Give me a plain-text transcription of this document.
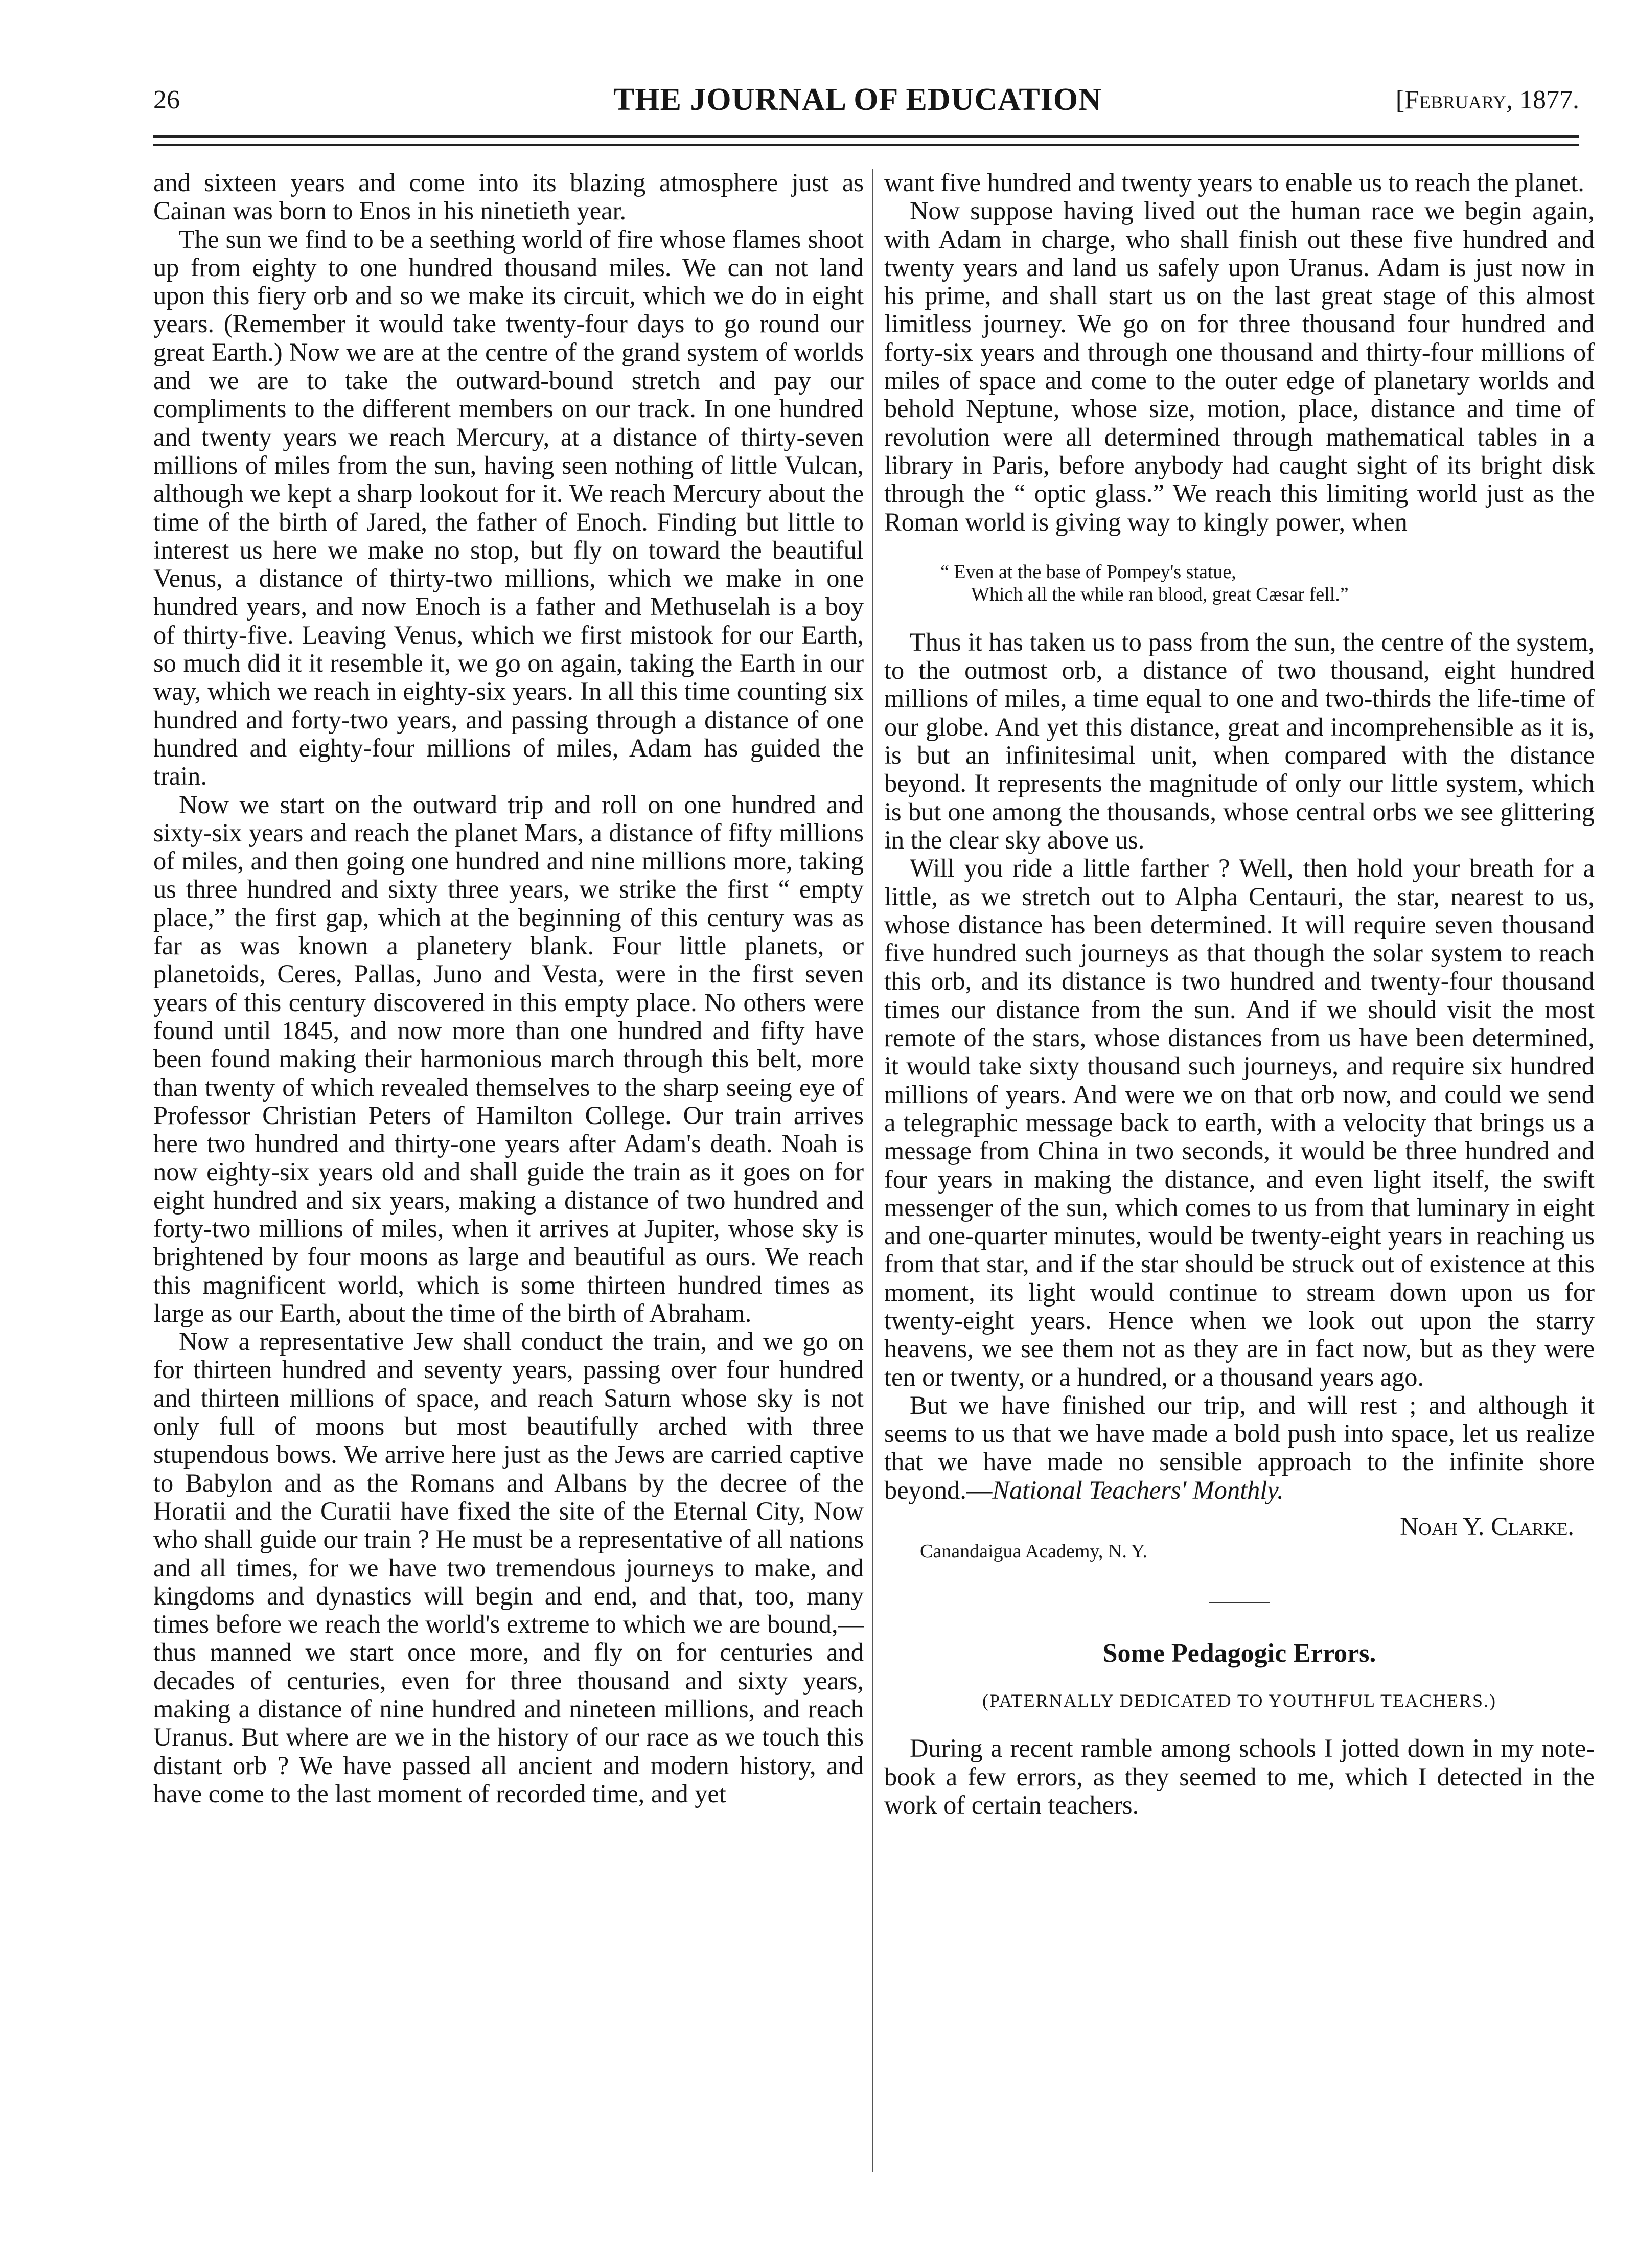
26	THE JOURNAL OF EDUCATION	[February, 1877.

and sixteen years and come into its blazing atmosphere just as Cainan was born to Enos in his ninetieth year.

The sun we find to be a seething world of fire whose flames shoot up from eighty to one hundred thousand miles. We can not land upon this fiery orb and so we make its circuit, which we do in eight years. (Remember it would take twenty-four days to go round our great Earth.) Now we are at the centre of the grand system of worlds and we are to take the outward-bound stretch and pay our compliments to the different members on our track. In one hundred and twenty years we reach Mercury, at a distance of thirty-seven millions of miles from the sun, having seen nothing of little Vulcan, although we kept a sharp lookout for it. We reach Mercury about the time of the birth of Jared, the father of Enoch. Finding but little to interest us here we make no stop, but fly on toward the beautiful Venus, a distance of thirty-two millions, which we make in one hundred years, and now Enoch is a father and Methuselah is a boy of thirty-five. Leaving Venus, which we first mistook for our Earth, so much did it it resemble it, we go on again, taking the Earth in our way, which we reach in eighty-six years. In all this time counting six hundred and forty-two years, and passing through a distance of one hundred and eighty-four millions of miles, Adam has guided the train.

Now we start on the outward trip and roll on one hundred and sixty-six years and reach the planet Mars, a distance of fifty millions of miles, and then going one hundred and nine millions more, taking us three hundred and sixty three years, we strike the first “ empty place,” the first gap, which at the beginning of this century was as far as was known a planetery blank. Four little planets, or planetoids, Ceres, Pallas, Juno and Vesta, were in the first seven years of this century discovered in this empty place. No others were found until 1845, and now more than one hundred and fifty have been found making their harmonious march through this belt, more than twenty of which revealed themselves to the sharp seeing eye of Professor Christian Peters of Hamilton College. Our train arrives here two hundred and thirty-one years after Adam's death. Noah is now eighty-six years old and shall guide the train as it goes on for eight hundred and six years, making a distance of two hundred and forty-two millions of miles, when it arrives at Jupiter, whose sky is brightened by four moons as large and beautiful as ours. We reach this magnificent world, which is some thirteen hundred times as large as our Earth, about the time of the birth of Abraham.

Now a representative Jew shall conduct the train, and we go on for thirteen hundred and seventy years, passing over four hundred and thirteen millions of space, and reach Saturn whose sky is not only full of moons but most beautifully arched with three stupendous bows. We arrive here just as the Jews are carried captive to Babylon and as the Romans and Albans by the decree of the Horatii and the Curatii have fixed the site of the Eternal City, Now who shall guide our train ? He must be a representative of all nations and all times, for we have two tremendous journeys to make, and kingdoms and dynastics will begin and end, and that, too, many times before we reach the world's extreme to which we are bound,—thus manned we start once more, and fly on for centuries and decades of centuries, even for three thousand and sixty years, making a distance of nine hundred and nineteen millions, and reach Uranus. But where are we in the history of our race as we touch this distant orb ? We have passed all ancient and modern history, and have come to the last moment of recorded time, and yet

want five hundred and twenty years to enable us to reach the planet.

Now suppose having lived out the human race we begin again, with Adam in charge, who shall finish out these five hundred and twenty years and land us safely upon Uranus. Adam is just now in his prime, and shall start us on the last great stage of this almost limitless journey. We go on for three thousand four hundred and forty-six years and through one thousand and thirty-four millions of miles of space and come to the outer edge of planetary worlds and behold Neptune, whose size, motion, place, distance and time of revolution were all determined through mathematical tables in a library in Paris, before anybody had caught sight of its bright disk through the “ optic glass.” We reach this limiting world just as the Roman world is giving way to kingly power, when

“ Even at the base of Pompey's statue,
Which all the while ran blood, great Cæsar fell.”

Thus it has taken us to pass from the sun, the centre of the system, to the outmost orb, a distance of two thousand, eight hundred millions of miles, a time equal to one and two-thirds the life-time of our globe. And yet this distance, great and incomprehensible as it is, is but an infinitesimal unit, when compared with the distance beyond. It represents the magnitude of only our little system, which is but one among the thousands, whose central orbs we see glittering in the clear sky above us.

Will you ride a little farther ? Well, then hold your breath for a little, as we stretch out to Alpha Centauri, the star, nearest to us, whose distance has been determined. It will require seven thousand five hundred such journeys as that though the solar system to reach this orb, and its distance is two hundred and twenty-four thousand times our distance from the sun. And if we should visit the most remote of the stars, whose distances from us have been determined, it would take sixty thousand such journeys, and require six hundred millions of years. And were we on that orb now, and could we send a telegraphic message back to earth, with a velocity that brings us a message from China in two seconds, it would be three hundred and four years in making the distance, and even light itself, the swift messenger of the sun, which comes to us from that luminary in eight and one-quarter minutes, would be twenty-eight years in reaching us from that star, and if the star should be struck out of existence at this moment, its light would continue to stream down upon us for twenty-eight years. Hence when we look out upon the starry heavens, we see them not as they are in fact now, but as they were ten or twenty, or a hundred, or a thousand years ago.

But we have finished our trip, and will rest ; and although it seems to us that we have made a bold push into space, let us realize that we have made no sensible approach to the infinite shore beyond.—National Teachers' Monthly.

Noah Y. Clarke.

Canandaigua Academy, N. Y.

Some Pedagogic Errors.

(PATERNALLY DEDICATED TO YOUTHFUL TEACHERS.)

During a recent ramble among schools I jotted down in my note-book a few errors, as they seemed to me, which I detected in the work of certain teachers.
